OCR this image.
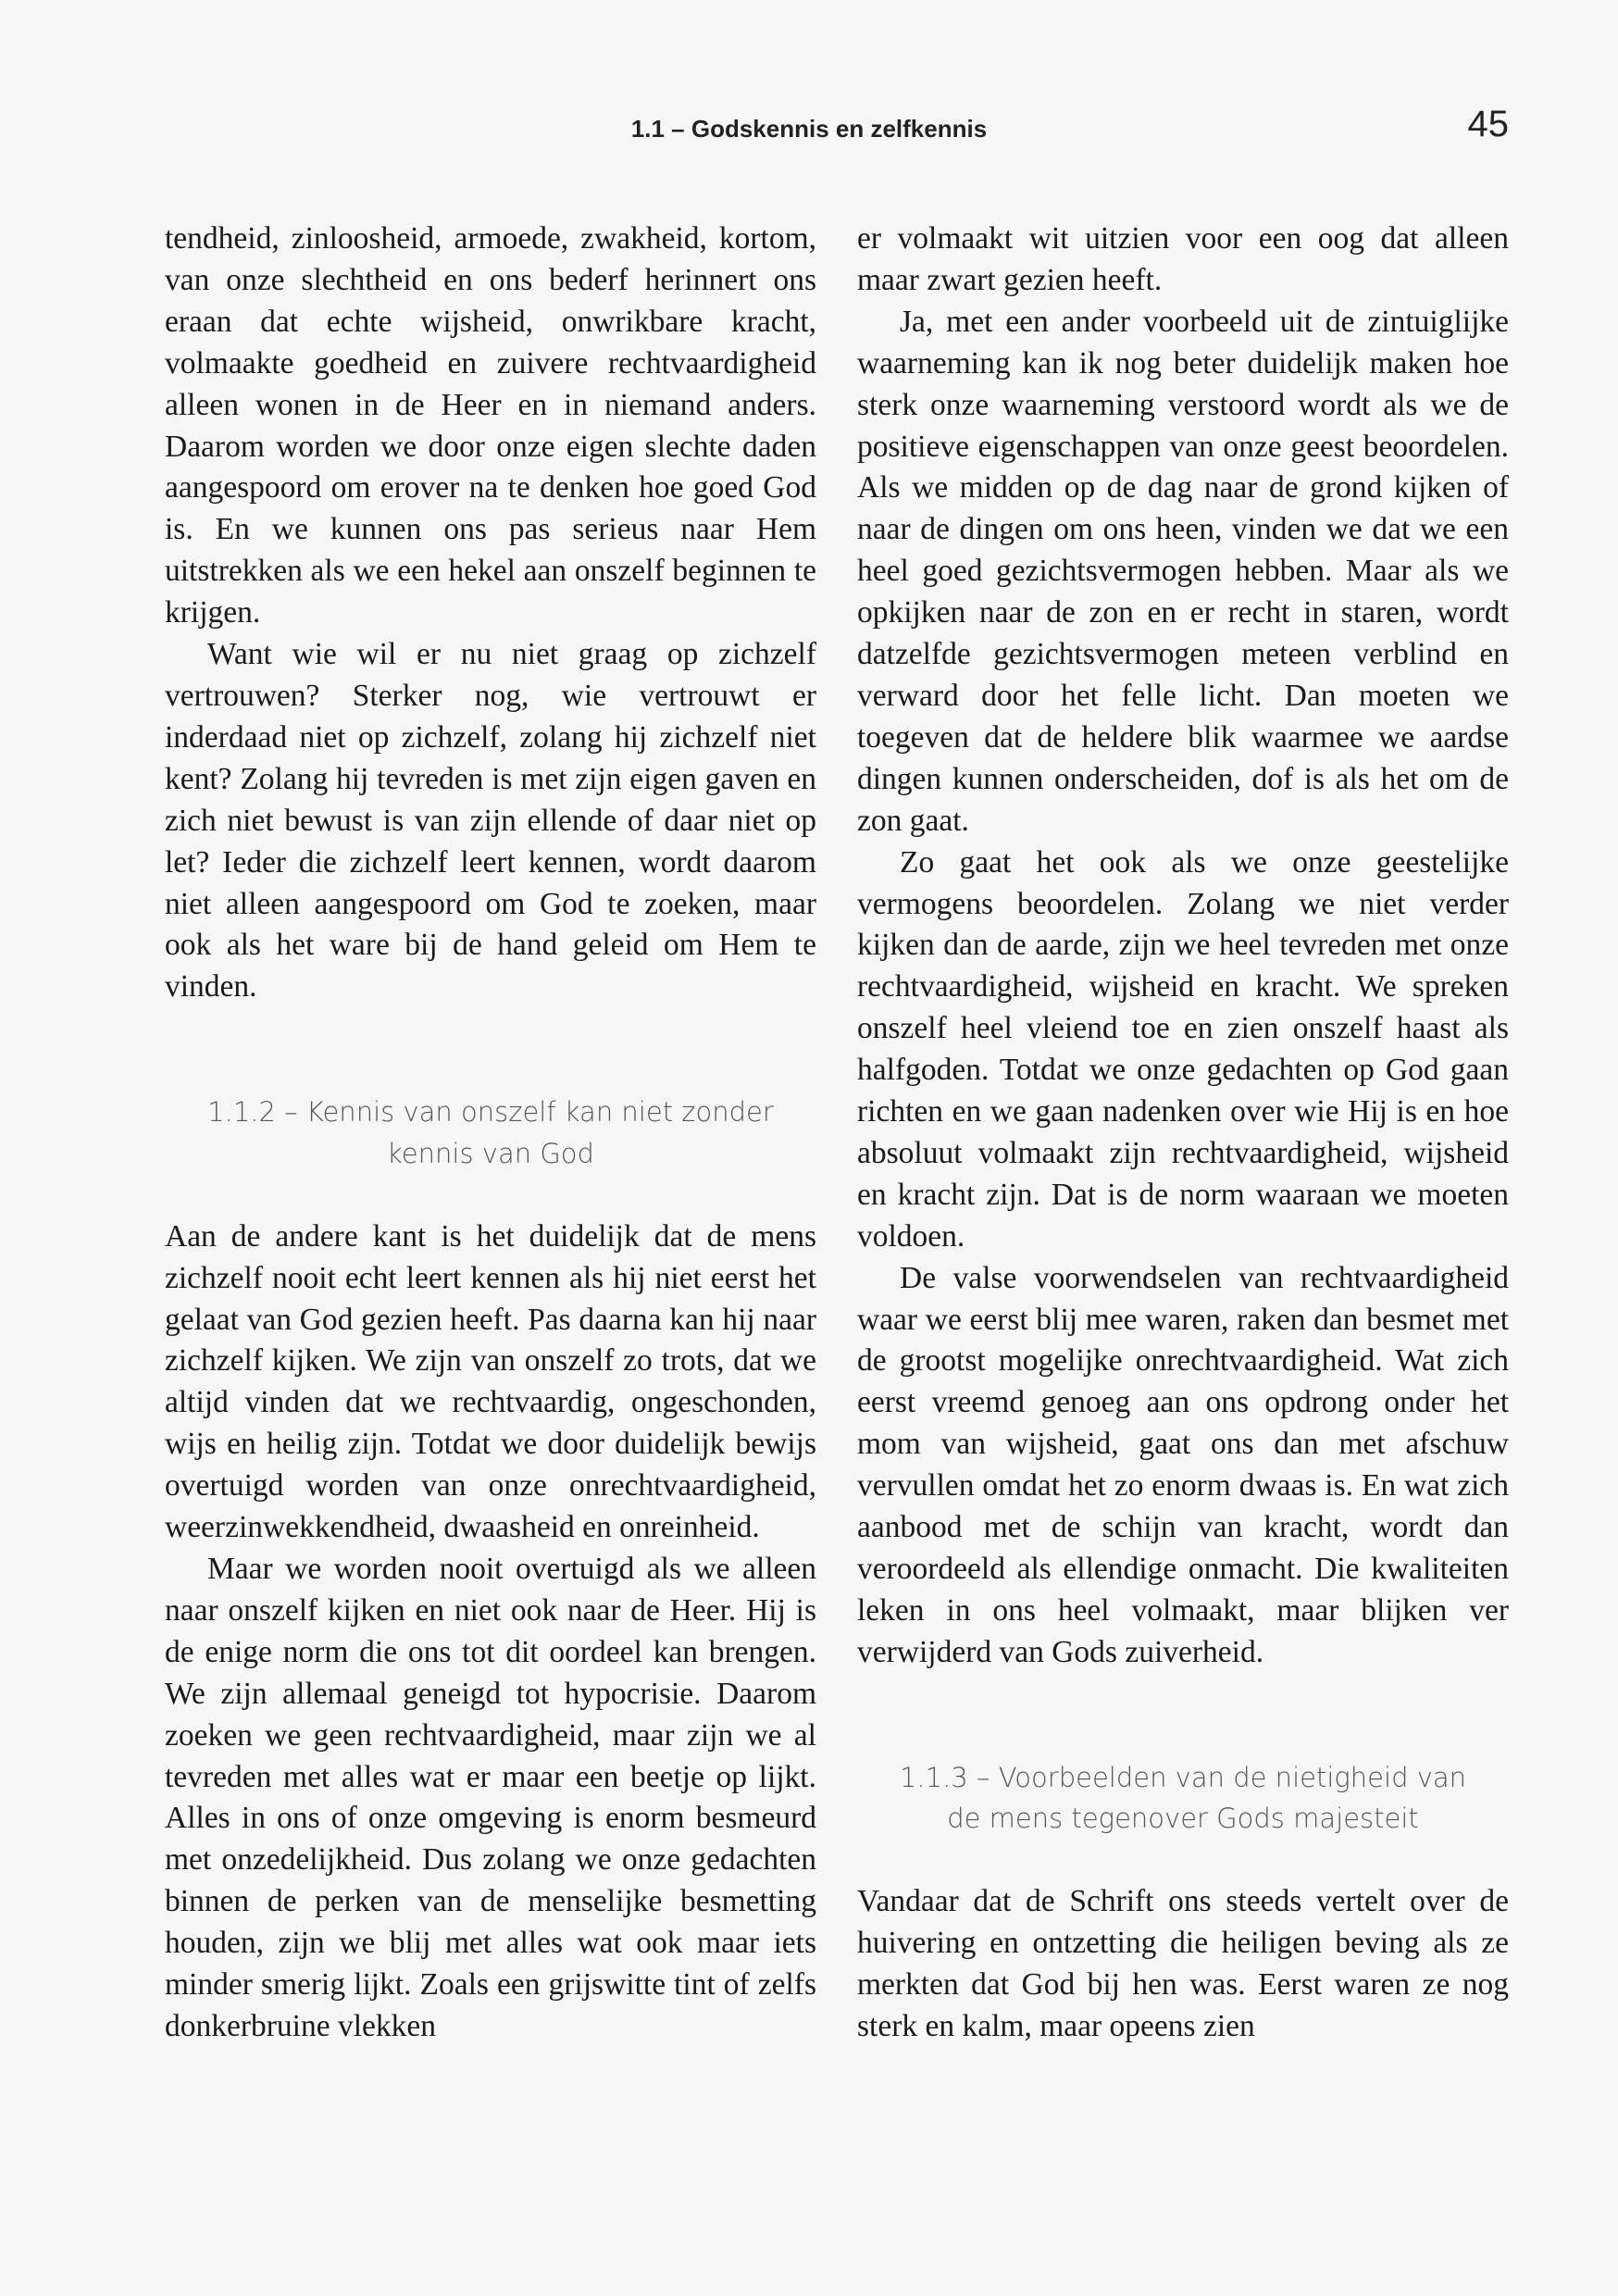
1.1 – Godskennis en zelfkennis	45

tendheid, zinloosheid, armoede, zwakheid, kortom, van onze slechtheid en ons bederf herinnert ons eraan dat echte wijsheid, onwrikbare kracht, volmaakte goedheid en zuivere rechtvaardigheid alleen wonen in de Heer en in niemand anders. Daarom worden we door onze eigen slechte daden aangespoord om erover na te denken hoe goed God is. En we kunnen ons pas serieus naar Hem uitstrekken als we een hekel aan onszelf beginnen te krijgen.

Want wie wil er nu niet graag op zichzelf vertrouwen? Sterker nog, wie vertrouwt er inderdaad niet op zichzelf, zolang hij zichzelf niet kent? Zolang hij tevreden is met zijn eigen gaven en zich niet bewust is van zijn ellende of daar niet op let? Ieder die zichzelf leert kennen, wordt daarom niet alleen aangespoord om God te zoeken, maar ook als het ware bij de hand geleid om Hem te vinden.

1.1.2 – Kennis van onszelf kan niet zonder kennis van God

Aan de andere kant is het duidelijk dat de mens zichzelf nooit echt leert kennen als hij niet eerst het gelaat van God gezien heeft. Pas daarna kan hij naar zichzelf kijken. We zijn van onszelf zo trots, dat we altijd vinden dat we rechtvaardig, ongeschonden, wijs en heilig zijn. Totdat we door duidelijk bewijs overtuigd worden van onze onrechtvaardigheid, weerzinwekkendheid, dwaasheid en onreinheid.

Maar we worden nooit overtuigd als we alleen naar onszelf kijken en niet ook naar de Heer. Hij is de enige norm die ons tot dit oordeel kan brengen. We zijn allemaal geneigd tot hypocrisie. Daarom zoeken we geen rechtvaardigheid, maar zijn we al tevreden met alles wat er maar een beetje op lijkt. Alles in ons of onze omgeving is enorm besmeurd met onzedelijkheid. Dus zolang we onze gedachten binnen de perken van de menselijke besmetting houden, zijn we blij met alles wat ook maar iets minder smerig lijkt. Zoals een grijswitte tint of zelfs donkerbruine vlekken

er volmaakt wit uitzien voor een oog dat alleen maar zwart gezien heeft.

Ja, met een ander voorbeeld uit de zintuiglijke waarneming kan ik nog beter duidelijk maken hoe sterk onze waarneming verstoord wordt als we de positieve eigenschappen van onze geest beoordelen. Als we midden op de dag naar de grond kijken of naar de dingen om ons heen, vinden we dat we een heel goed gezichtsvermogen hebben. Maar als we opkijken naar de zon en er recht in staren, wordt datzelfde gezichtsvermogen meteen verblind en verward door het felle licht. Dan moeten we toegeven dat de heldere blik waarmee we aardse dingen kunnen onderscheiden, dof is als het om de zon gaat.

Zo gaat het ook als we onze geestelijke vermogens beoordelen. Zolang we niet verder kijken dan de aarde, zijn we heel tevreden met onze rechtvaardigheid, wijsheid en kracht. We spreken onszelf heel vleiend toe en zien onszelf haast als halfgoden. Totdat we onze gedachten op God gaan richten en we gaan nadenken over wie Hij is en hoe absoluut volmaakt zijn rechtvaardigheid, wijsheid en kracht zijn. Dat is de norm waaraan we moeten voldoen.

De valse voorwendselen van rechtvaardigheid waar we eerst blij mee waren, raken dan besmet met de grootst mogelijke onrechtvaardigheid. Wat zich eerst vreemd genoeg aan ons opdrong onder het mom van wijsheid, gaat ons dan met afschuw vervullen omdat het zo enorm dwaas is. En wat zich aanbood met de schijn van kracht, wordt dan veroordeeld als ellendige onmacht. Die kwaliteiten leken in ons heel volmaakt, maar blijken ver verwijderd van Gods zuiverheid.

1.1.3 – Voorbeelden van de nietigheid van de mens tegenover Gods majesteit

Vandaar dat de Schrift ons steeds vertelt over de huivering en ontzetting die heiligen beving als ze merkten dat God bij hen was. Eerst waren ze nog sterk en kalm, maar opeens zien
